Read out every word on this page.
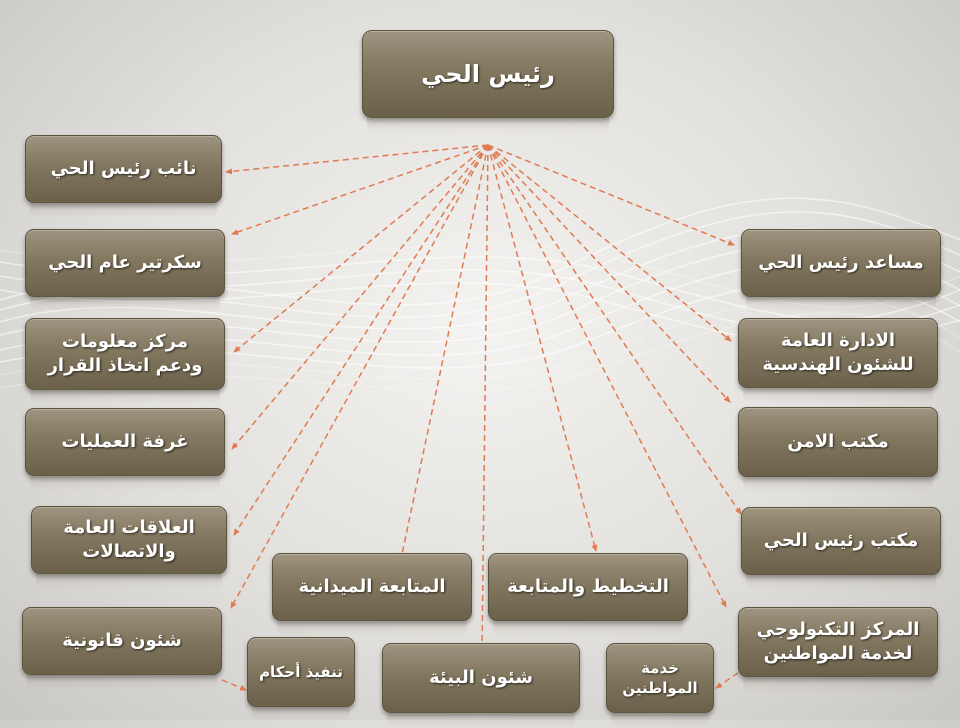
رئيس الحي
نائب رئيس الحي
سكرتير عام الحي
مركز معلومات
ودعم اتخاذ القرار
غرفة العمليات
العلاقات العامة
والاتصالات
شئون قانونية
مساعد رئيس الحي
الادارة العامة
للشئون الهندسية
مكتب الامن
مكتب رئيس الحي
المركز التكنولوجي
لخدمة المواطنين
المتابعة الميدانية	التخطيط والمتابعة
تنفيذ أحكام	شئون البيئة	خدمة
المواطنين
